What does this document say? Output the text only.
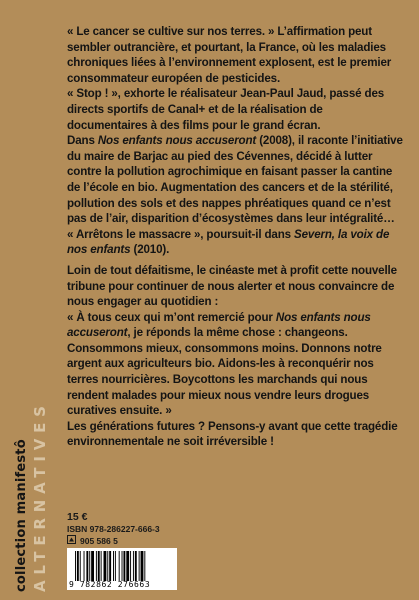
« Le cancer se cultive sur nos terres. » L’affirmation peut sembler outrancière, et pourtant, la France, où les maladies chroniques liées à l’environnement explosent, est le premier consommateur européen de pesticides.

« Stop ! », exhorte le réalisateur Jean-Paul Jaud, passé des directs sportifs de Canal+ et de la réalisation de documentaires à des films pour le grand écran.

Dans Nos enfants nous accuseront (2008), il raconte l’initiative du maire de Barjac au pied des Cévennes, décidé à lutter contre la pollution agrochimique en faisant passer la cantine de l’école en bio. Augmentation des cancers et de la stérilité, pollution des sols et des nappes phréatiques quand ce n’est pas de l’air, disparition d’écosystèmes dans leur intégralité…

« Arrêtons le massacre », poursuit-il dans Severn, la voix de nos enfants (2010).

Loin de tout défaitisme, le cinéaste met à profit cette nouvelle tribune pour continuer de nous alerter et nous convaincre de nous engager au quotidien :

« À tous ceux qui m’ont remercié pour Nos enfants nous accuseront, je réponds la même chose : changeons. Consommons mieux, consommons moins. Donnons notre argent aux agriculteurs bio. Aidons-les à reconquérir nos terres nourricières. Boycottons les marchands qui nous rendent malades pour mieux nous vendre leurs drogues curatives ensuite. »

Les générations futures ? Pensons-y avant que cette tragédie environnementale ne soit irréversible !

collection manifestô ALTERNATIVES 15 €
ISBN 978-286227-666-3
905 586 5
9 782862 276663
